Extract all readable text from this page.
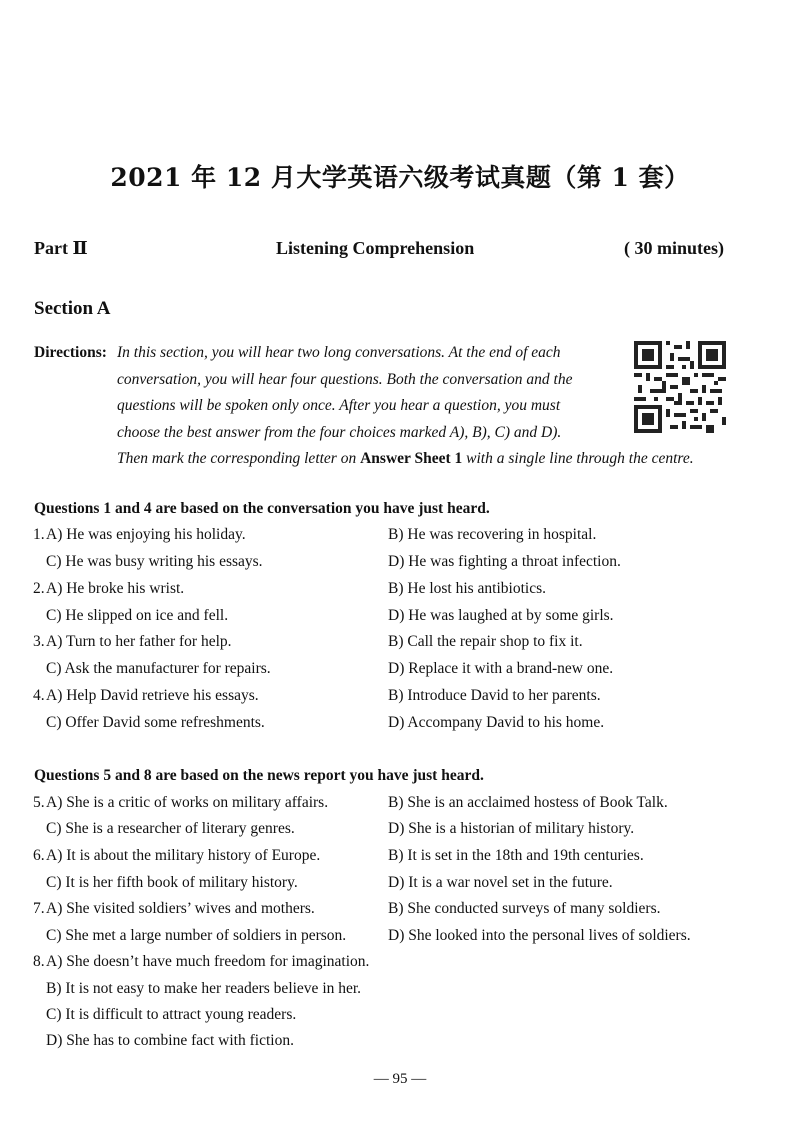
2021 年 12 月大学英语六级考试真题（第 1 套）
Part Ⅱ	Listening Comprehension	( 30 minutes)
Section A
Directions: In this section, you will hear two long conversations. At the end of each
conversation, you will hear four questions. Both the conversation and the
questions will be spoken only once. After you hear a question, you must
choose the best answer from the four choices marked A), B), C) and D).
Then mark the corresponding letter on Answer Sheet 1 with a single line through the centre.
Questions 1 and 4 are based on the conversation you have just heard.
1. A) He was enjoying his holiday.	B) He was recovering in hospital.
C) He was busy writing his essays.	D) He was fighting a throat infection.
2. A) He broke his wrist.	B) He lost his antibiotics.
C) He slipped on ice and fell.	D) He was laughed at by some girls.
3. A) Turn to her father for help.	B) Call the repair shop to fix it.
C) Ask the manufacturer for repairs.	D) Replace it with a brand-new one.
4. A) Help David retrieve his essays.	B) Introduce David to her parents.
C) Offer David some refreshments.	D) Accompany David to his home.
Questions 5 and 8 are based on the news report you have just heard.
5. A) She is a critic of works on military affairs.	B) She is an acclaimed hostess of Book Talk.
C) She is a researcher of literary genres.	D) She is a historian of military history.
6. A) It is about the military history of Europe.	B) It is set in the 18th and 19th centuries.
C) It is her fifth book of military history.	D) It is a war novel set in the future.
7. A) She visited soldiers’ wives and mothers.	B) She conducted surveys of many soldiers.
C) She met a large number of soldiers in person.	D) She looked into the personal lives of soldiers.
8. A) She doesn’t have much freedom for imagination.
B) It is not easy to make her readers believe in her.
C) It is difficult to attract young readers.
D) She has to combine fact with fiction.
— 95 —
